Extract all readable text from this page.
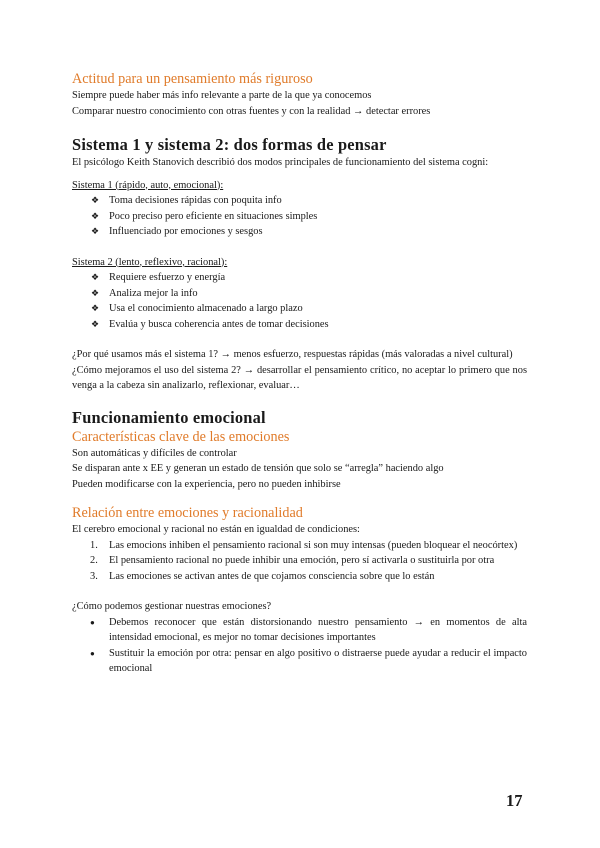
Actitud para un pensamiento más riguroso

Siempre puede haber más info relevante a parte de la que ya conocemos

Comparar nuestro conocimiento con otras fuentes y con la realidad → detectar errores

Sistema 1 y sistema 2: dos formas de pensar

El psicólogo Keith Stanovich describió dos modos principales de funcionamiento del sistema cogni:

Sistema 1 (rápido, auto, emocional):

❖ Toma decisiones rápidas con poquita info
❖ Poco preciso pero eficiente en situaciones simples
❖ Influenciado por emociones y sesgos

Sistema 2 (lento, reflexivo, racional):

❖ Requiere esfuerzo y energía
❖ Analiza mejor la info
❖ Usa el conocimiento almacenado a largo plazo
❖ Evalúa y busca coherencia antes de tomar decisiones

¿Por qué usamos más el sistema 1? → menos esfuerzo, respuestas rápidas (más valoradas a nivel cultural)

¿Cómo mejoramos el uso del sistema 2? → desarrollar el pensamiento crítico, no aceptar lo primero que nos venga a la cabeza sin analizarlo, reflexionar, evaluar…

Funcionamiento emocional
Características clave de las emociones

Son automáticas y difíciles de controlar

Se disparan ante x EE y generan un estado de tensión que solo se “arregla” haciendo algo

Pueden modificarse con la experiencia, pero no pueden inhibirse

Relación entre emociones y racionalidad

El cerebro emocional y racional no están en igualdad de condiciones:

1. Las emocions inhiben el pensamiento racional si son muy intensas (pueden bloquear el neocórtex)
2. El pensamiento racional no puede inhibir una emoción, pero sí activarla o sustituirla por otra
3. Las emociones se activan antes de que cojamos consciencia sobre que lo están

¿Cómo podemos gestionar nuestras emociones?

● Debemos reconocer que están distorsionando nuestro pensamiento → en momentos de alta intensidad emocional, es mejor no tomar decisiones importantes
● Sustituir la emoción por otra: pensar en algo positivo o distraerse puede ayudar a reducir el impacto emocional
17
